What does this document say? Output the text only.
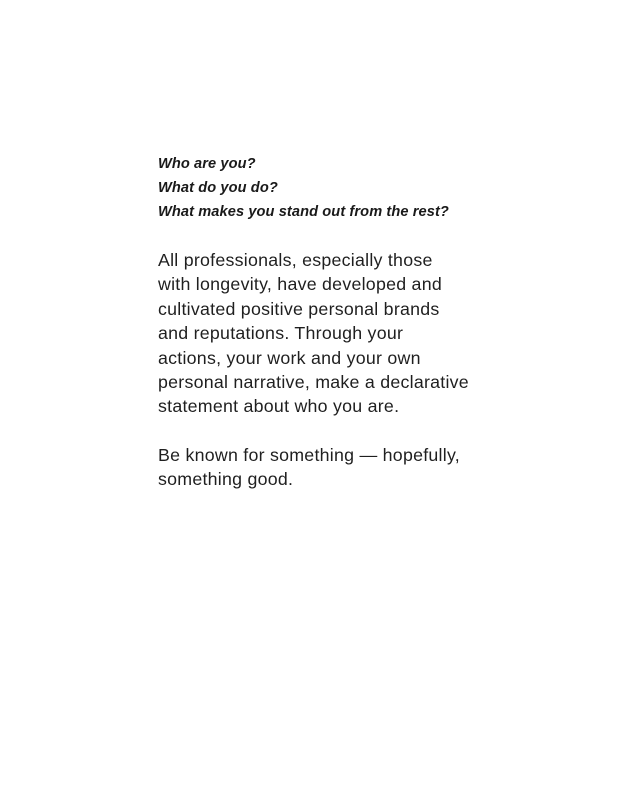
Who are you?
What do you do?
What makes you stand out from the rest?
All professionals, especially those
with longevity, have developed and
cultivated positive personal brands
and reputations. Through your
actions, your work and your own
personal narrative, make a declarative
statement about who you are.
Be known for something — hopefully,
something good.
